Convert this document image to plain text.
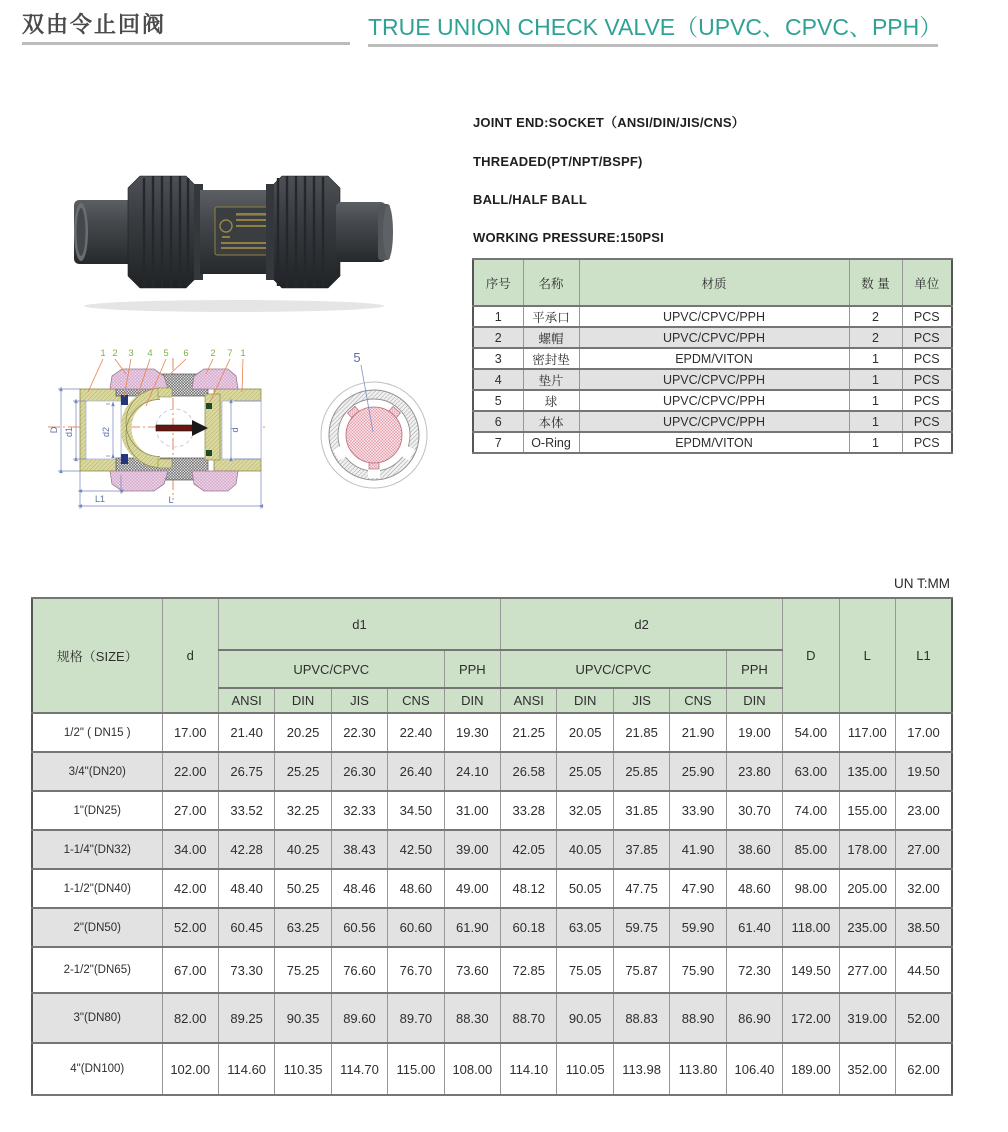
双由令止回阀	TRUE UNION CHECK VALVE（UPVC、CPVC、PPH）
JOINT END:SOCKET（ANSI/DIN/JIS/CNS）
THREADED(PT/NPT/BSPF)
BALL/HALF BALL
WORKING PRESSURE:150PSI
序号	名称	材质	数 量	单位
1	平承口	UPVC/CPVC/PPH	2	PCS
2	螺帽	UPVC/CPVC/PPH	2	PCS
3	密封垫	EPDM/VITON	1	PCS
4	垫片	UPVC/CPVC/PPH	1	PCS
5	球	UPVC/CPVC/PPH	1	PCS
6	本体	UPVC/CPVC/PPH	1	PCS
7	O-Ring	EPDM/VITON	1	PCS
D d1	d2	d
L1	L
1 2 3 4 5 6 2 7 1	5
UN T:MM
规格（SIZE）	d	d1					d2					D	L	L1
		UPVC/CPVC				PPH	UPVC/CPVC				PPH			
		ANSI	DIN	JIS	CNS	DIN	ANSI	DIN	JIS	CNS	DIN			
1/2" ( DN15 )	17.00	21.40	20.25	22.30	22.40	19.30	21.25	20.05	21.85	21.90	19.00	54.00	117.00	17.00
3/4"(DN20)	22.00	26.75	25.25	26.30	26.40	24.10	26.58	25.05	25.85	25.90	23.80	63.00	135.00	19.50
1"(DN25)	27.00	33.52	32.25	32.33	34.50	31.00	33.28	32.05	31.85	33.90	30.70	74.00	155.00	23.00
1-1/4"(DN32)	34.00	42.28	40.25	38.43	42.50	39.00	42.05	40.05	37.85	41.90	38.60	85.00	178.00	27.00
1-1/2"(DN40)	42.00	48.40	50.25	48.46	48.60	49.00	48.12	50.05	47.75	47.90	48.60	98.00	205.00	32.00
2"(DN50)	52.00	60.45	63.25	60.56	60.60	61.90	60.18	63.05	59.75	59.90	61.40	118.00	235.00	38.50
2-1/2"(DN65)	67.00	73.30	75.25	76.60	76.70	73.60	72.85	75.05	75.87	75.90	72.30	149.50	277.00	44.50
3"(DN80)	82.00	89.25	90.35	89.60	89.70	88.30	88.70	90.05	88.83	88.90	86.90	172.00	319.00	52.00
4"(DN100)	102.00	114.60	110.35	114.70	115.00	108.00	114.10	110.05	113.98	113.80	106.40	189.00	352.00	62.00
